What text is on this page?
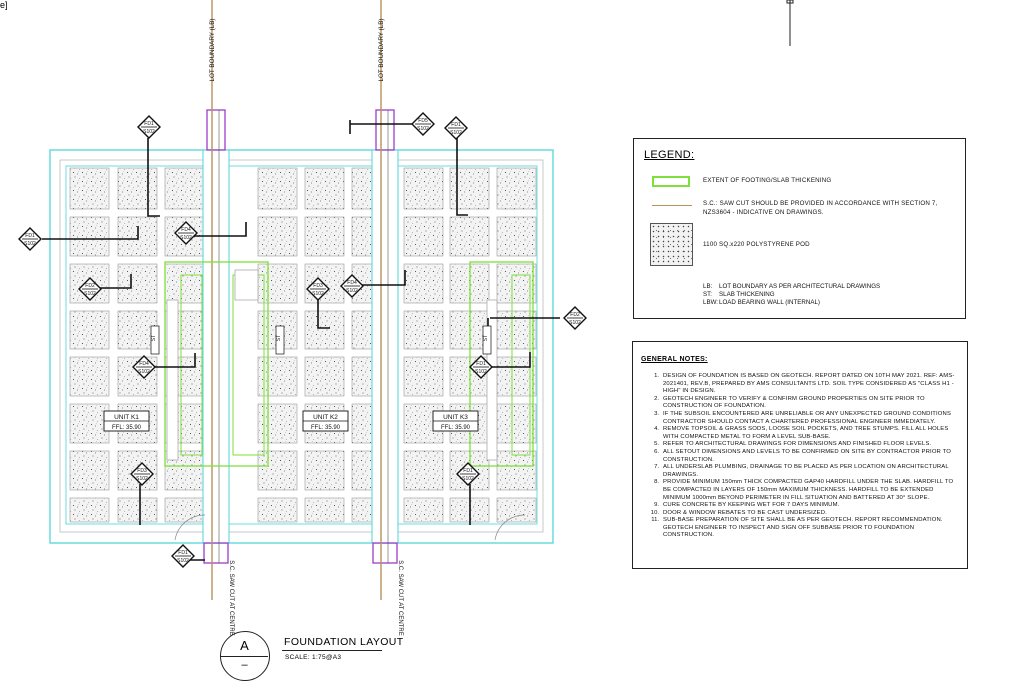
e]
FD1
S102
FD1
S102
FD4
S102
FD2
S102
FD3
S102
FD4
S102
FD5
S102
FD1
S102
FD2
S102
FD4
S102
FD1
S102
FD3
S102
FD1
S102
FD1
S102
UNIT K1
FFL: 35.90
UNIT K2
FFL: 35.90
UNIT K3
FFL: 35.90
ST	ST	ST
LOT BOUNDARY (LB)	LOT BOUNDARY (LB)
S.C. SAW CUT AT CENTRE	S.C. SAW CUT AT CENTRE
LEGEND:
EXTENT OF FOOTING/SLAB THICKENING
S.C.: SAW CUT SHOULD BE PROVIDED IN ACCORDANCE WITH SECTION 7, NZS3604 - INDICATIVE ON DRAWINGS.
1100 SQ.x220 POLYSTYRENE POD
LB: LOT BOUNDARY AS PER ARCHITECTURAL DRAWINGS
ST: SLAB THICKENING
LBW:LOAD BEARING WALL (INTERNAL)
GENERAL NOTES:
1. DESIGN OF FOUNDATION IS BASED ON GEOTECH. REPORT DATED ON 10TH MAY 2021. REF: AMS-2021401, REV.B, PREPARED BY AMS CONSULTANTS LTD. SOIL TYPE CONSIDERED AS "CLASS H1 - HIGH" IN DESIGN.
2. GEOTECH ENGINEER TO VERIFY & CONFIRM GROUND PROPERTIES ON SITE PRIOR TO CONSTRUCTION OF FOUNDATION.
3. IF THE SUBSOIL ENCOUNTERED ARE UNRELIABLE OR ANY UNEXPECTED GROUND CONDITIONS CONTRACTOR SHOULD CONTACT A CHARTERED PROFESSIONAL ENGINEER IMMEDIATELY.
4. REMOVE TOPSOIL & GRASS SODS, LOOSE SOIL POCKETS, AND TREE STUMPS. FILL ALL HOLES WITH COMPACTED METAL TO FORM A LEVEL SUB-BASE.
5. REFER TO ARCHITECTURAL DRAWINGS FOR DIMENSIONS AND FINISHED FLOOR LEVELS.
6. ALL SETOUT DIMENSIONS AND LEVELS TO BE CONFIRMED ON SITE BY CONTRACTOR PRIOR TO CONSTRUCTION.
7. ALL UNDERSLAB PLUMBING, DRAINAGE TO BE PLACED AS PER LOCATION ON ARCHITECTURAL DRAWINGS.
8. PROVIDE MINIMUM 150mm THICK COMPACTED GAP40 HARDFILL UNDER THE SLAB. HARDFILL TO BE COMPACTED IN LAYERS OF 150mm MAXIMUM THICKNESS. HARDFILL TO BE EXTENDED MINIMUM 1000mm BEYOND PERIMETER IN FILL SITUATION AND BATTERED AT 30° SLOPE.
9. CURE CONCRETE BY KEEPING WET FOR 7 DAYS MINIMUM.
10. DOOR & WINDOW REBATES TO BE CAST UNDERSIZED.
11. SUB-BASE PREPARATION OF SITE SHALL BE AS PER GEOTECH. REPORT RECOMMENDATION. GEOTECH ENGINEER TO INSPECT AND SIGN OFF SUBBASE PRIOR TO FOUNDATION CONSTRUCTION.
A
–
FOUNDATION LAYOUT
SCALE: 1:75@A3
